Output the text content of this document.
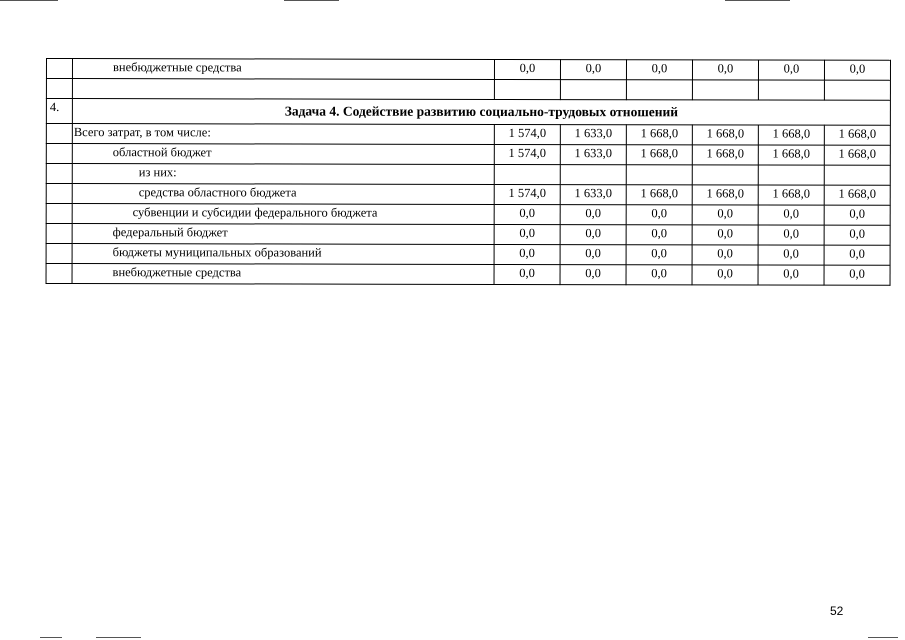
	внебюджетные средства	0,0	0,0	0,0	0,0	0,0	0,0

4.	Задача 4. Содействие развитию социально-трудовых отношений						
	Всего затрат, в том числе:	1 574,0	1 633,0	1 668,0	1 668,0	1 668,0	1 668,0
	областной бюджет	1 574,0	1 633,0	1 668,0	1 668,0	1 668,0	1 668,0
	из них:						
	средства областного бюджета	1 574,0	1 633,0	1 668,0	1 668,0	1 668,0	1 668,0
	субвенции и субсидии федерального бюджета	0,0	0,0	0,0	0,0	0,0	0,0
	федеральный бюджет	0,0	0,0	0,0	0,0	0,0	0,0
	бюджеты муниципальных образований	0,0	0,0	0,0	0,0	0,0	0,0
	внебюджетные средства	0,0	0,0	0,0	0,0	0,0	0,0
52
